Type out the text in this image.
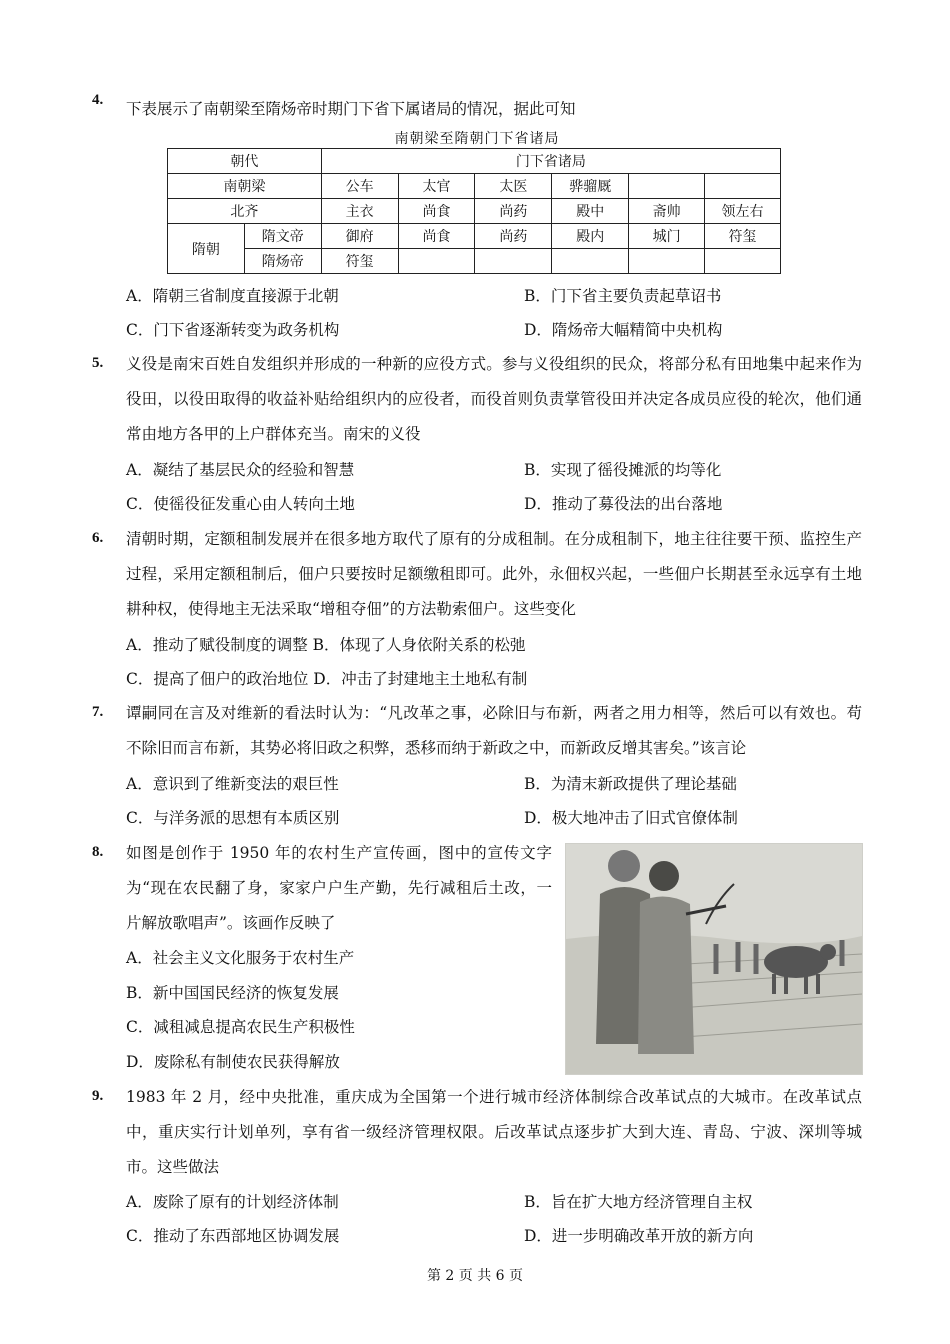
4. 下表展示了南朝梁至隋炀帝时期门下省下属诸局的情况，据此可知
南朝梁至隋朝门下省诸局
朝代		门下省诸局					
南朝梁		公车	太官	太医	骅骝厩		
北齐		主衣	尚食	尚药	殿中	斋帅	领左右
隋朝	隋文帝	御府	尚食	尚药	殿内	城门	符玺
	隋炀帝	符玺					
A．隋朝三省制度直接源于北朝	B．门下省主要负责起草诏书
C．门下省逐渐转变为政务机构	D．隋炀帝大幅精简中央机构
5. 义役是南宋百姓自发组织并形成的一种新的应役方式。参与义役组织的民众，将部分私有田地集中起来作为役田，以役田取得的收益补贴给组织内的应役者，而役首则负责掌管役田并决定各成员应役的轮次，他们通常由地方各甲的上户群体充当。南宋的义役
A．凝结了基层民众的经验和智慧	B．实现了徭役摊派的均等化
C．使徭役征发重心由人转向土地	D．推动了募役法的出台落地
6. 清朝时期，定额租制发展并在很多地方取代了原有的分成租制。在分成租制下，地主往往要干预、监控生产过程，采用定额租制后，佃户只要按时足额缴租即可。此外，永佃权兴起，一些佃户长期甚至永远享有土地耕种权，使得地主无法采取“增租夺佃”的方法勒索佃户。这些变化
A．推动了赋役制度的调整 B．体现了人身依附关系的松弛
C．提高了佃户的政治地位 D．冲击了封建地主土地私有制
7. 谭嗣同在言及对维新的看法时认为：“凡改革之事，必除旧与布新，两者之用力相等，然后可以有效也。苟不除旧而言布新，其势必将旧政之积弊，悉移而纳于新政之中，而新政反增其害矣。”该言论
A．意识到了维新变法的艰巨性	B．为清末新政提供了理论基础
C．与洋务派的思想有本质区别	D．极大地冲击了旧式官僚体制
8. 如图是创作于 1950 年的农村生产宣传画，图中的宣传文字为“现在农民翻了身，家家户户生产勤，先行减租后土改，一片解放歌唱声”。该画作反映了
A．社会主义文化服务于农村生产
B．新中国国民经济的恢复发展
C．减租减息提高农民生产积极性
D．废除私有制使农民获得解放
9. 1983 年 2 月，经中央批准，重庆成为全国第一个进行城市经济体制综合改革试点的大城市。在改革试点中，重庆实行计划单列，享有省一级经济管理权限。后改革试点逐步扩大到大连、青岛、宁波、深圳等城市。这些做法
A．废除了原有的计划经济体制	B．旨在扩大地方经济管理自主权
C．推动了东西部地区协调发展	D．进一步明确改革开放的新方向
第 2 页 共 6 页
